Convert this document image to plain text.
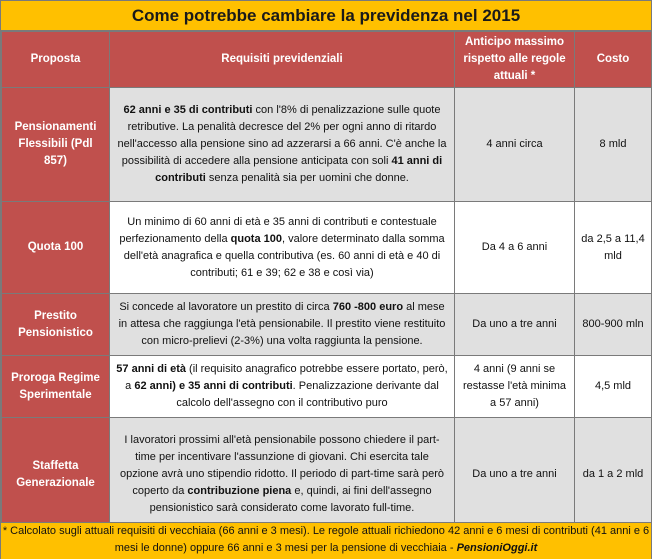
Come potrebbe cambiare la previdenza nel 2015
Proposta	Requisiti previdenziali	Anticipo massimo rispetto alle regole attuali *	Costo
Pensionamenti Flessibili (Pdl 857)	62 anni e 35 di contributi con l'8% di penalizzazione sulle quote retributive. La penalità decresce del 2% per ogni anno di ritardo nell'accesso alla pensione sino ad azzerarsi a 66 anni. C'è anche la possibilità di accedere alla pensione anticipata con soli 41 anni di contributi senza penalità sia per uomini che donne.	4 anni circa	8 mld
Quota 100	Un minimo di 60 anni di età e 35 anni di contributi e contestuale perfezionamento della quota 100, valore determinato dalla somma dell'età anagrafica e quella contributiva (es. 60 anni di età e 40 di contributi; 61 e 39; 62 e 38 e così via)	Da 4 a 6 anni	da 2,5 a 11,4 mld
Prestito Pensionistico	Si concede al lavoratore un prestito di circa 760 -800 euro al mese in attesa che raggiunga l'età pensionabile. Il prestito viene restituito con micro-prelievi (2-3%) una volta raggiunta la pensione.	Da uno a tre anni	800-900 mln
Proroga Regime Sperimentale	57 anni di età (il requisito anagrafico potrebbe essere portato, però, a 62 anni) e 35 anni di contributi. Penalizzazione derivante dal calcolo dell'assegno con il contributivo puro	4 anni (9 anni se restasse l'età minima a 57 anni)	4,5 mld
Staffetta Generazionale	I lavoratori prossimi all'età pensionabile possono chiedere il part-time per incentivare l'assunzione di giovani. Chi esercita tale opzione avrà uno stipendio ridotto. Il periodo di part-time sarà però coperto da contribuzione piena e, quindi, ai fini dell'assegno pensionistico sarà considerato come lavorato full-time.	Da uno a tre anni	da 1 a 2 mld
* Calcolato sugli attuali requisiti di vecchiaia (66 anni e 3 mesi). Le regole attuali richiedono 42 anni e 6 mesi di contributi (41 anni e 6 mesi le donne) oppure 66 anni e 3 mesi per la pensione di vecchiaia - PensioniOggi.it
